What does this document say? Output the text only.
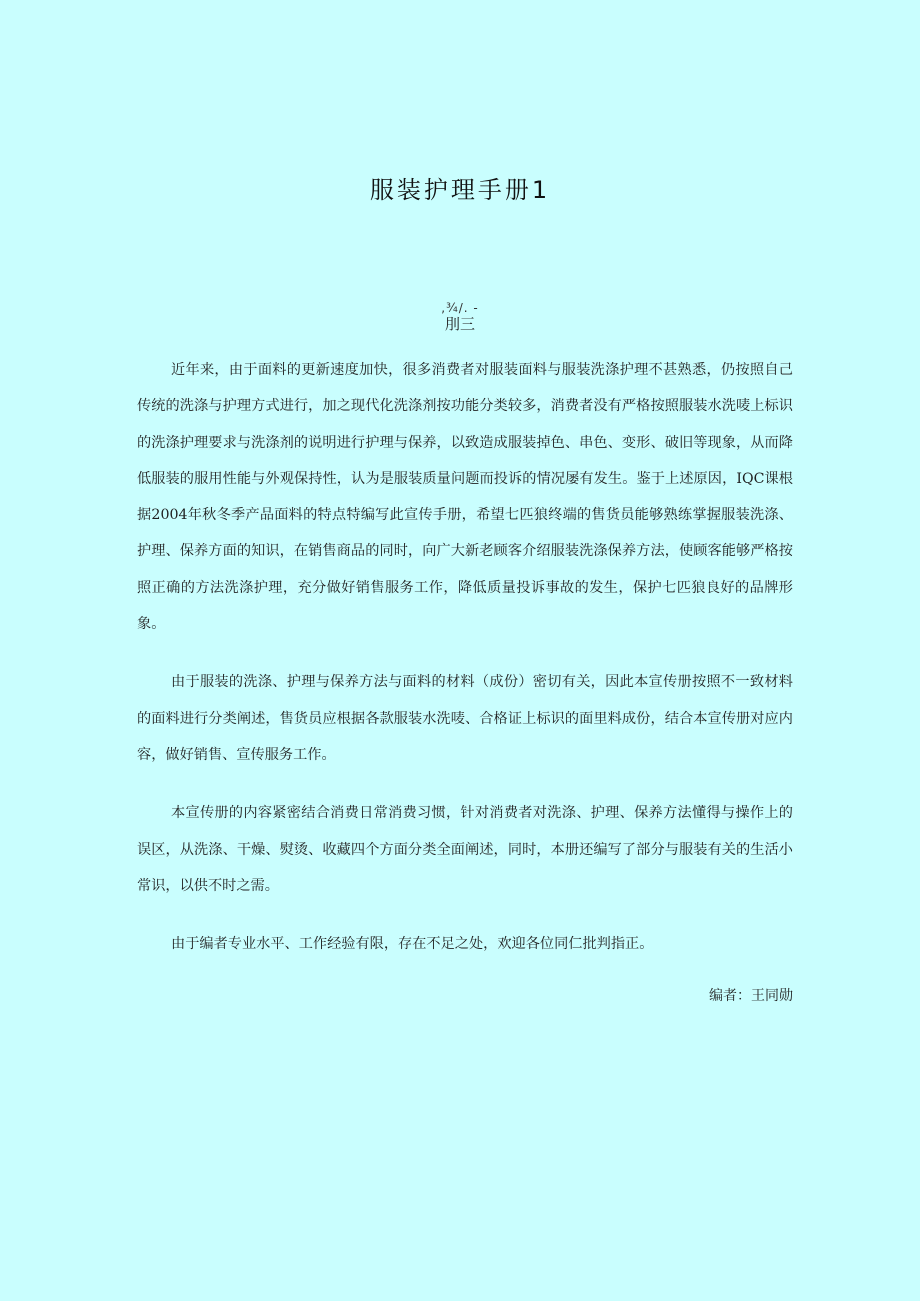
服装护理手册1
,¾/. -
刖三

近年来，由于面料的更新速度加快，很多消费者对服装面料与服装洗涤护理不甚熟悉，仍按照自己传统的洗涤与护理方式进行，加之现代化洗涤剂按功能分类较多，消费者没有严格按照服装水洗唛上标识的洗涤护理要求与洗涤剂的说明进行护理与保养，以致造成服装掉色、串色、变形、破旧等现象，从而降低服装的服用性能与外观保持性，认为是服装质量问题而投诉的情况屡有发生。鉴于上述原因，IQC课根据2004年秋冬季产品面料的特点特编写此宣传手册，希望七匹狼终端的售货员能够熟练掌握服装洗涤、护理、保养方面的知识，在销售商品的同时，向广大新老顾客介绍服装洗涤保养方法，使顾客能够严格按照正确的方法洗涤护理，充分做好销售服务工作，降低质量投诉事故的发生，保护七匹狼良好的品牌形象。

由于服装的洗涤、护理与保养方法与面料的材料（成份）密切有关，因此本宣传册按照不一致材料的面料进行分类阐述，售货员应根据各款服装水洗唛、合格证上标识的面里料成份，结合本宣传册对应内容，做好销售、宣传服务工作。

本宣传册的内容紧密结合消费日常消费习惯，针对消费者对洗涤、护理、保养方法懂得与操作上的误区，从洗涤、干燥、熨烫、收藏四个方面分类全面阐述，同时，本册还编写了部分与服装有关的生活小常识，以供不时之需。

由于编者专业水平、工作经验有限，存在不足之处，欢迎各位同仁批判指正。

编者：王同勋
